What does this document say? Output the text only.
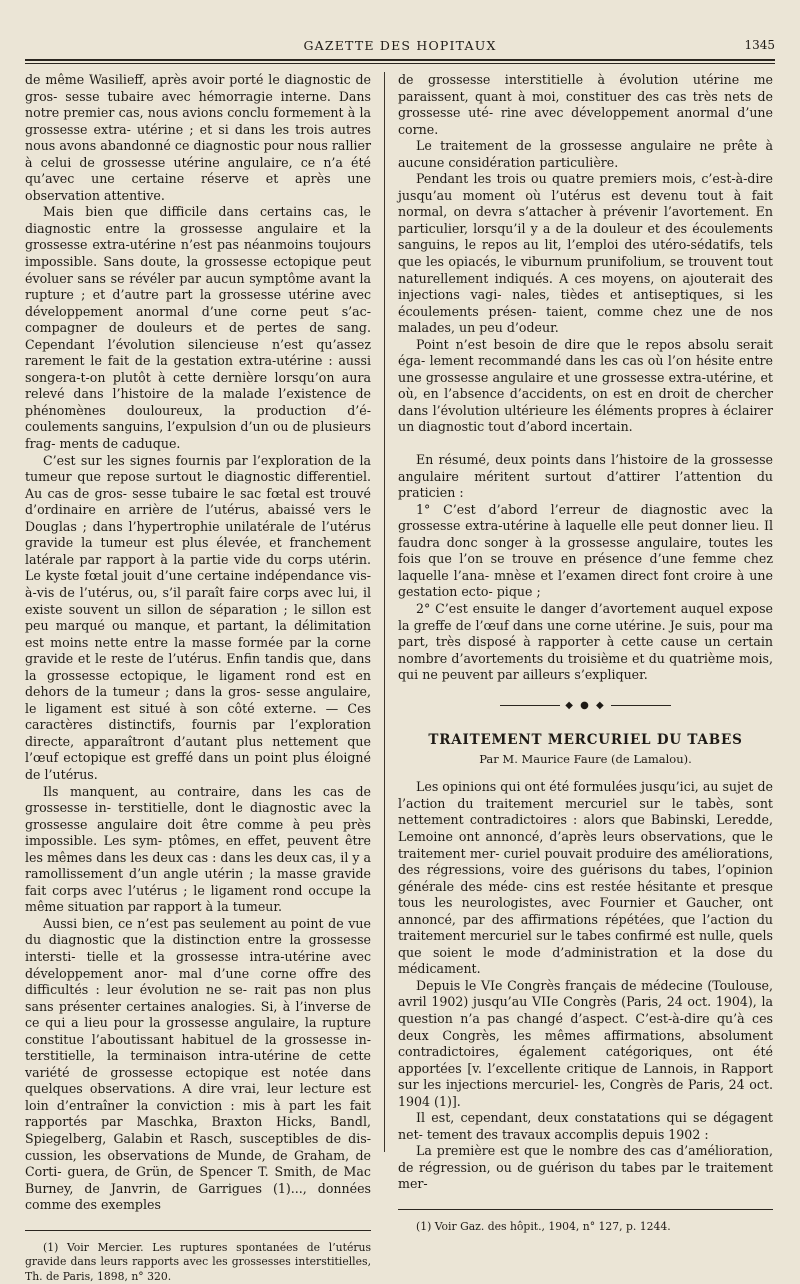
GAZETTE DES HOPITAUX	1345

de même Wasilieff, après avoir porté le diagnostic de gros- sesse tubaire avec hémorragie interne. Dans notre premier cas, nous avions conclu formement à la grossesse extra- utérine ; et si dans les trois autres nous avons abandonné ce diagnostic pour nous rallier à celui de grossesse utérine angulaire, ce n’a été qu’avec une certaine réserve et après une observation attentive.

Mais bien que difficile dans certains cas, le diagnostic entre la grossesse angulaire et la grossesse extra-utérine n’est pas néanmoins toujours impossible. Sans doute, la grossesse ectopique peut évoluer sans se révéler par aucun symptôme avant la rupture ; et d’autre part la grossesse utérine avec développement anormal d’une corne peut s’ac- compagner de douleurs et de pertes de sang. Cependant l’évolution silencieuse n’est qu’assez rarement le fait de la gestation extra-utérine : aussi songera-t-on plutôt à cette dernière lorsqu’on aura relevé dans l’histoire de la malade l’existence de phénomènes douloureux, la production d’é- coulements sanguins, l’expulsion d’un ou de plusieurs frag- ments de caduque.

C’est sur les signes fournis par l’exploration de la tumeur que repose surtout le diagnostic differentiel. Au cas de gros- sesse tubaire le sac fœtal est trouvé d’ordinaire en arrière de l’utérus, abaissé vers le Douglas ; dans l’hypertrophie unilatérale de l’utérus gravide la tumeur est plus élevée, et franchement latérale par rapport à la partie vide du corps utérin. Le kyste fœtal jouit d’une certaine indépendance vis-à-vis de l’utérus, ou, s’il paraît faire corps avec lui, il existe souvent un sillon de séparation ; le sillon est peu marqué ou manque, et partant, la délimitation est moins nette entre la masse formée par la corne gravide et le reste de l’utérus. Enfin tandis que, dans la grossesse ectopique, le ligament rond est en dehors de la tumeur ; dans la gros- sesse angulaire, le ligament est situé à son côté externe. — Ces caractères distinctifs, fournis par l’exploration directe, apparaîtront d’autant plus nettement que l’œuf ectopique est greffé dans un point plus éloigné de l’utérus.

Ils manquent, au contraire, dans les cas de grossesse in- terstitielle, dont le diagnostic avec la grossesse angulaire doit être comme à peu près impossible. Les sym- ptômes, en effet, peuvent être les mêmes dans les deux cas : dans les deux cas, il y a ramollissement d’un angle utérin ; la masse gravide fait corps avec l’utérus ; le ligament rond occupe la même situation par rapport à la tumeur.

Aussi bien, ce n’est pas seulement au point de vue du diagnostic que la distinction entre la grossesse intersti- tielle et la grossesse intra-utérine avec développement anor- mal d’une corne offre des difficultés : leur évolution ne se- rait pas non plus sans présenter certaines analogies. Si, à l’inverse de ce qui a lieu pour la grossesse angulaire, la rupture constitue l’aboutissant habituel de la grossesse in- terstitielle, la terminaison intra-utérine de cette variété de grossesse ectopique est notée dans quelques observations. A dire vrai, leur lecture est loin d’entraîner la conviction : mis à part les fait rapportés par Maschka, Braxton Hicks, Bandl, Spiegelberg, Galabin et Rasch, susceptibles de dis- cussion, les observations de Munde, de Graham, de Corti- guera, de Grün, de Spencer T. Smith, de Mac Burney, de Janvrin, de Garrigues (1)..., données comme des exemples

(1) Voir Mercier. Les ruptures spontanées de l’utérus gravide dans leurs rapports avec les grossesses interstitielles, Th. de Paris, 1898, n° 320.

de grossesse interstitielle à évolution utérine me paraissent, quant à moi, constituer des cas très nets de grossesse uté- rine avec développement anormal d’une corne.

Le traitement de la grossesse angulaire ne prête à aucune considération particulière.

Pendant les trois ou quatre premiers mois, c’est-à-dire jusqu’au moment où l’utérus est devenu tout à fait normal, on devra s’attacher à prévenir l’avortement. En particulier, lorsqu’il y a de la douleur et des écoulements sanguins, le repos au lit, l’emploi des utéro-sédatifs, tels que les opiacés, le viburnum prunifolium, se trouvent tout naturellement indiqués. A ces moyens, on ajouterait des injections vagi- nales, tièdes et antiseptiques, si les écoulements présen- taient, comme chez une de nos malades, un peu d’odeur.

Point n’est besoin de dire que le repos absolu serait éga- lement recommandé dans les cas où l’on hésite entre une grossesse angulaire et une grossesse extra-utérine, et où, en l’absence d’accidents, on est en droit de chercher dans l’évolution ultérieure les éléments propres à éclairer un diagnostic tout d’abord incertain.

En résumé, deux points dans l’histoire de la grossesse angulaire méritent surtout d’attirer l’attention du praticien :

1° C’est d’abord l’erreur de diagnostic avec la grossesse extra-utérine à laquelle elle peut donner lieu. Il faudra donc songer à la grossesse angulaire, toutes les fois que l’on se trouve en présence d’une femme chez laquelle l’ana- mnèse et l’examen direct font croire à une gestation ecto- pique ;

2° C’est ensuite le danger d’avortement auquel expose la greffe de l’œuf dans une corne utérine. Je suis, pour ma part, très disposé à rapporter à cette cause un certain nombre d’avortements du troisième et du quatrième mois, qui ne peuvent par ailleurs s’expliquer.

◆ ● ◆
TRAITEMENT MERCURIEL DU TABES
Par M. Maurice Faure (de Lamalou).

Les opinions qui ont été formulées jusqu’ici, au sujet de l’action du traitement mercuriel sur le tabès, sont nettement contradictoires : alors que Babinski, Leredde, Lemoine ont annoncé, d’après leurs observations, que le traitement mer- curiel pouvait produire des améliorations, des régressions, voire des guérisons du tabes, l’opinion générale des méde- cins est restée hésitante et presque tous les neurologistes, avec Fournier et Gaucher, ont annoncé, par des affirmations répétées, que l’action du traitement mercuriel sur le tabes confirmé est nulle, quels que soient le mode d’administration et la dose du médicament.

Depuis le VIe Congrès français de médecine (Toulouse, avril 1902) jusqu’au VIIe Congrès (Paris, 24 oct. 1904), la question n’a pas changé d’aspect. C’est-à-dire qu’à ces deux Congrès, les mêmes affirmations, absolument contradictoires, également catégoriques, ont été apportées [v. l’excellente critique de Lannois, in Rapport sur les injections mercuriel- les, Congrès de Paris, 24 oct. 1904 (1)].

Il est, cependant, deux constatations qui se dégagent net- tement des travaux accomplis depuis 1902 :

La première est que le nombre des cas d’amélioration, de régression, ou de guérison du tabes par le traitement mer-

(1) Voir Gaz. des hôpit., 1904, n° 127, p. 1244.
